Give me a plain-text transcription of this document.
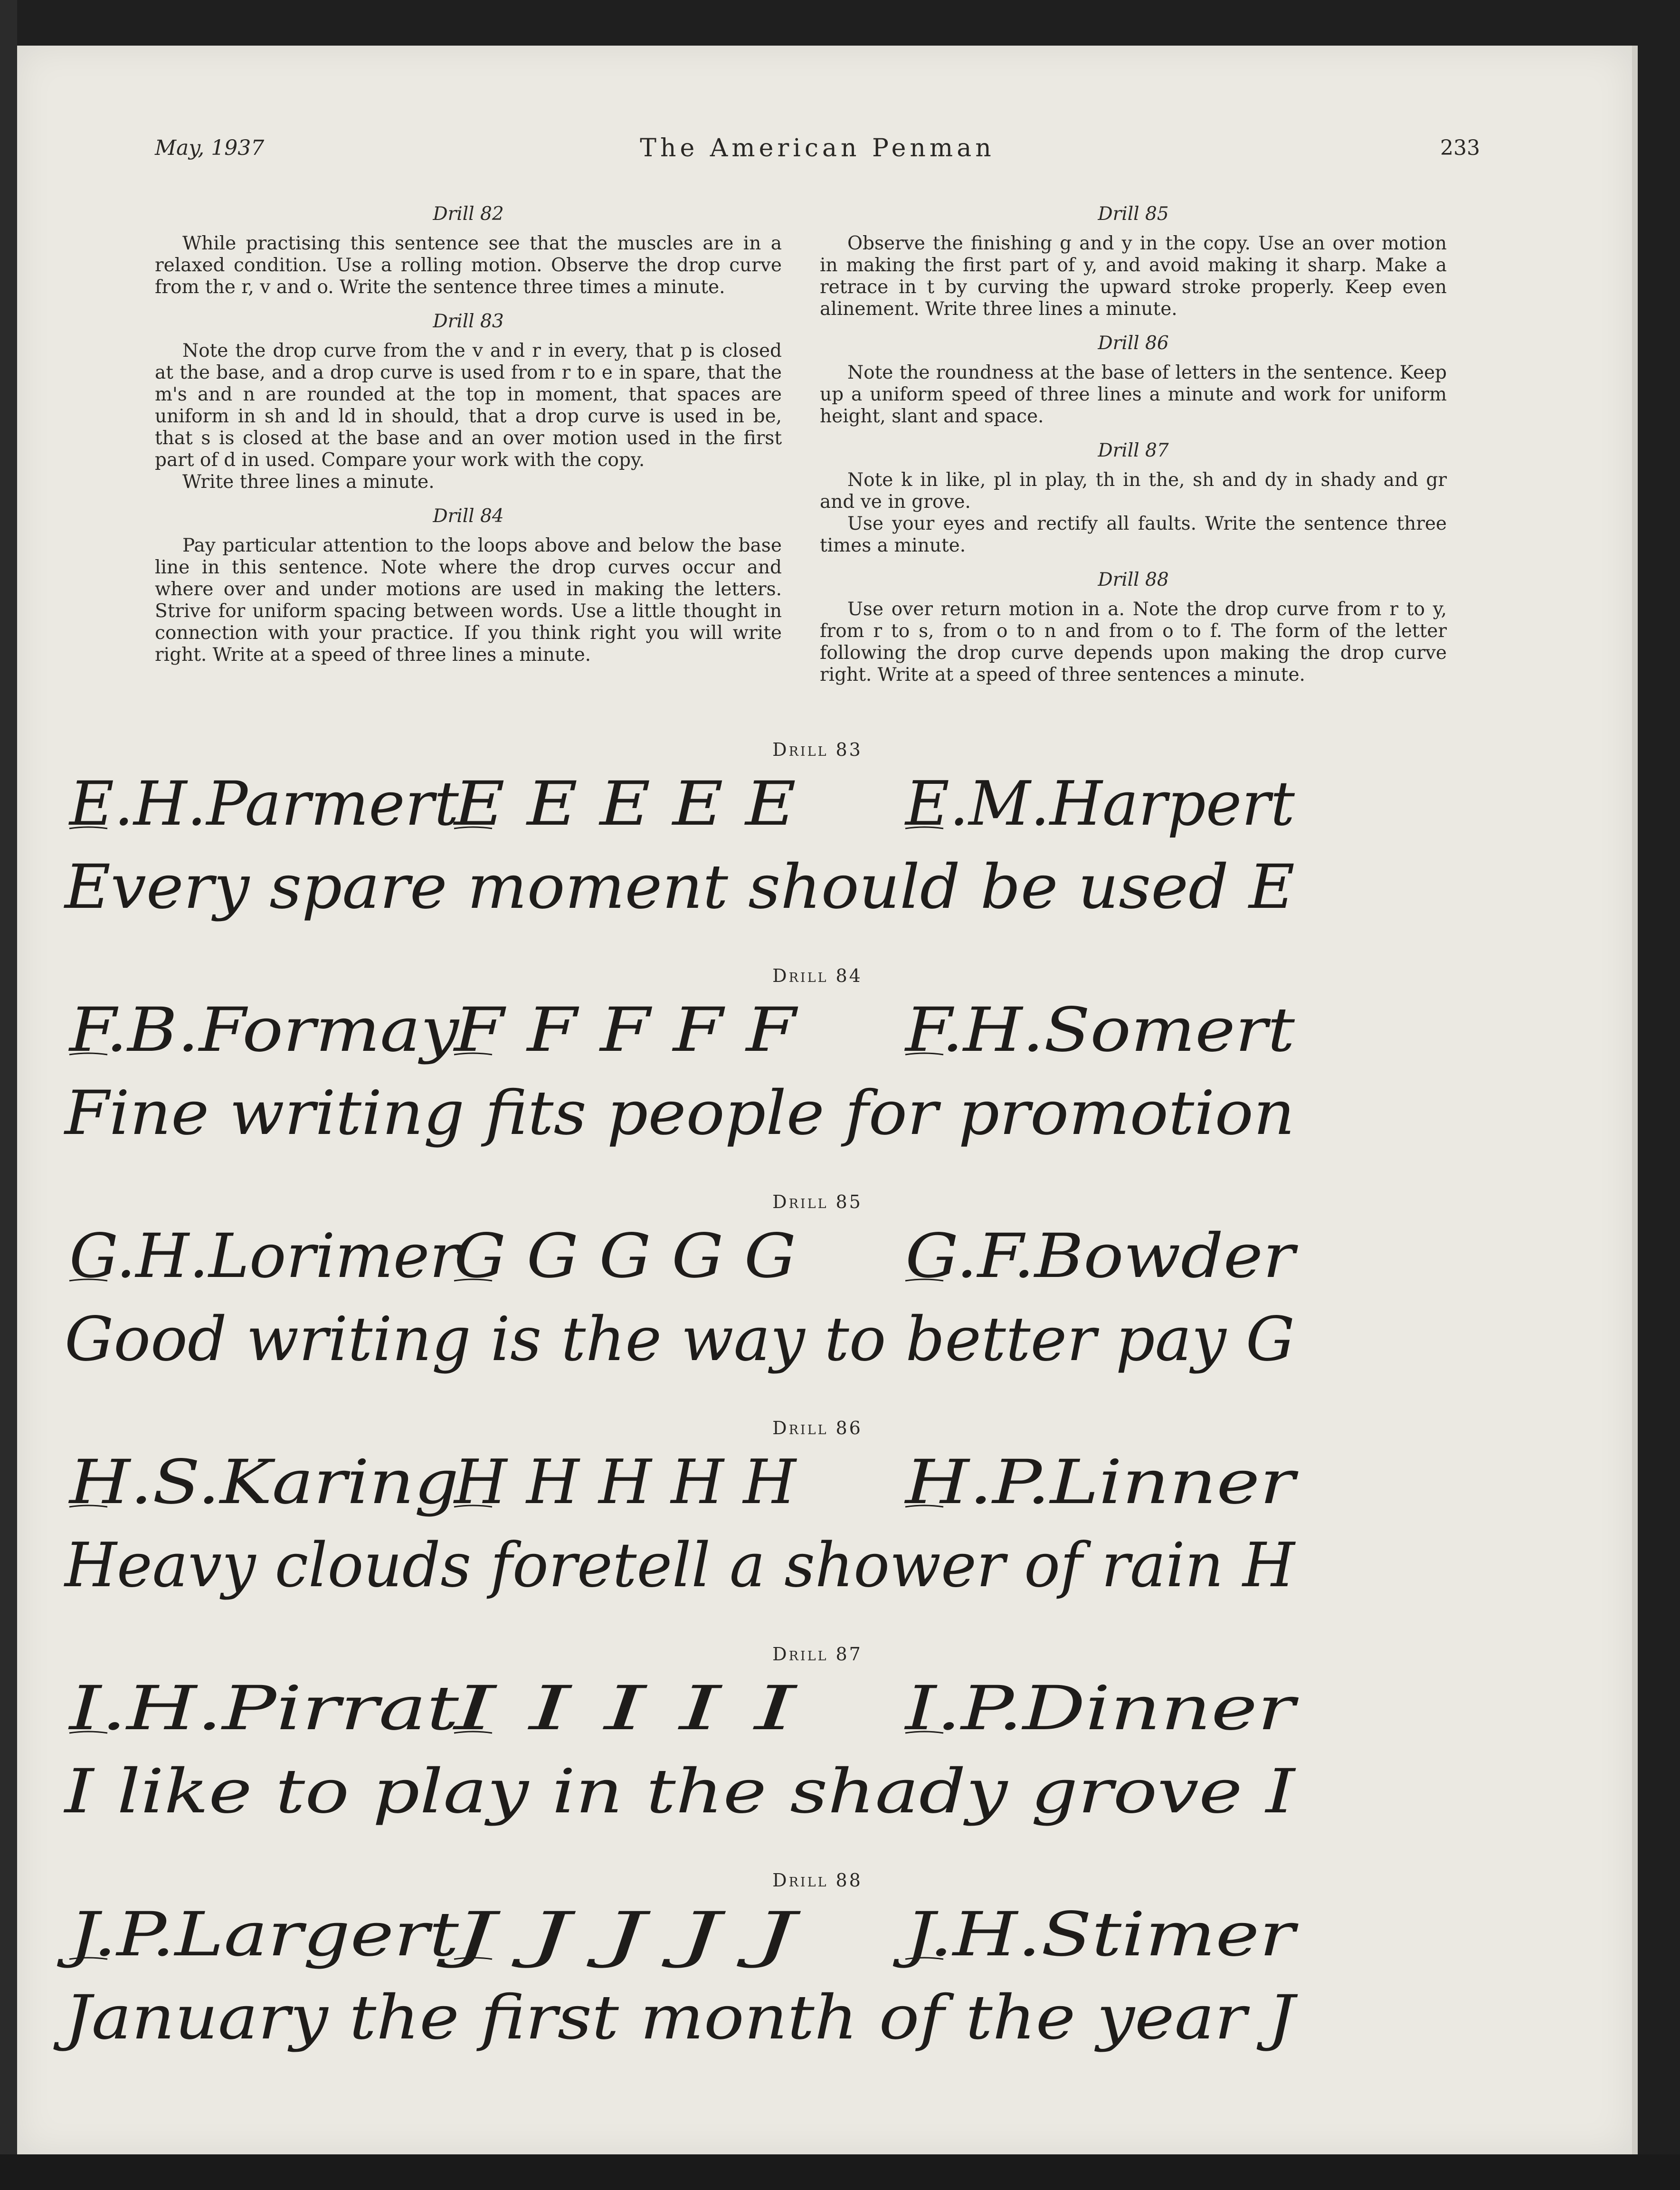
May, 1937	The American Penman	233
Drill 82

While practising this sentence see that the muscles are in a relaxed condition. Use a rolling motion. Observe the drop curve from the r, v and o. Write the sentence three times a minute.

Drill 83

Note the drop curve from the v and r in every, that p is closed at the base, and a drop curve is used from r to e in spare, that the m's and n are rounded at the top in moment, that spaces are uniform in sh and ld in should, that a drop curve is used in be, that s is closed at the base and an over motion used in the first part of d in used. Compare your work with the copy.

Write three lines a minute.

Drill 84

Pay particular attention to the loops above and below the base line in this sentence. Note where the drop curves occur and where over and under motions are used in making the letters. Strive for uniform spacing between words. Use a little thought in connection with your practice. If you think right you will write right. Write at a speed of three lines a minute.

Drill 85

Observe the finishing g and y in the copy. Use an over motion in making the first part of y, and avoid making it sharp. Make a retrace in t by curving the upward stroke properly. Keep even alinement. Write three lines a minute.

Drill 86

Note the roundness at the base of letters in the sentence. Keep up a uniform speed of three lines a minute and work for uniform height, slant and space.

Drill 87

Note k in like, pl in play, th in the, sh and dy in shady and gr and ve in grove.

Use your eyes and rectify all faults. Write the sentence three times a minute.

Drill 88

Use over return motion in a. Note the drop curve from r to y, from r to s, from o to n and from o to f. The form of the letter following the drop curve depends upon making the drop curve right. Write at a speed of three sentences a minute.

Drill 83
E.H.Parmert
E E E E E E.M.Harpert
Every spare moment should be used E
Drill 84
F.B.Formay
F F F F F F.H.Somert
Fine writing fits people for promotion
Drill 85
G.H.Lorimer
G G G G G G.F.Bowder
Good writing is the way to better pay G
Drill 86
H.S.Karing
H H H H H H.P.Linner
Heavy clouds foretell a shower of rain H
Drill 87
I.H.Pirrat
I I I I I I.P.Dinner
I like to play in the shady grove I
Drill 88
J.P.Largert
J J J J J J.H.Stimer
January the first month of the year J
